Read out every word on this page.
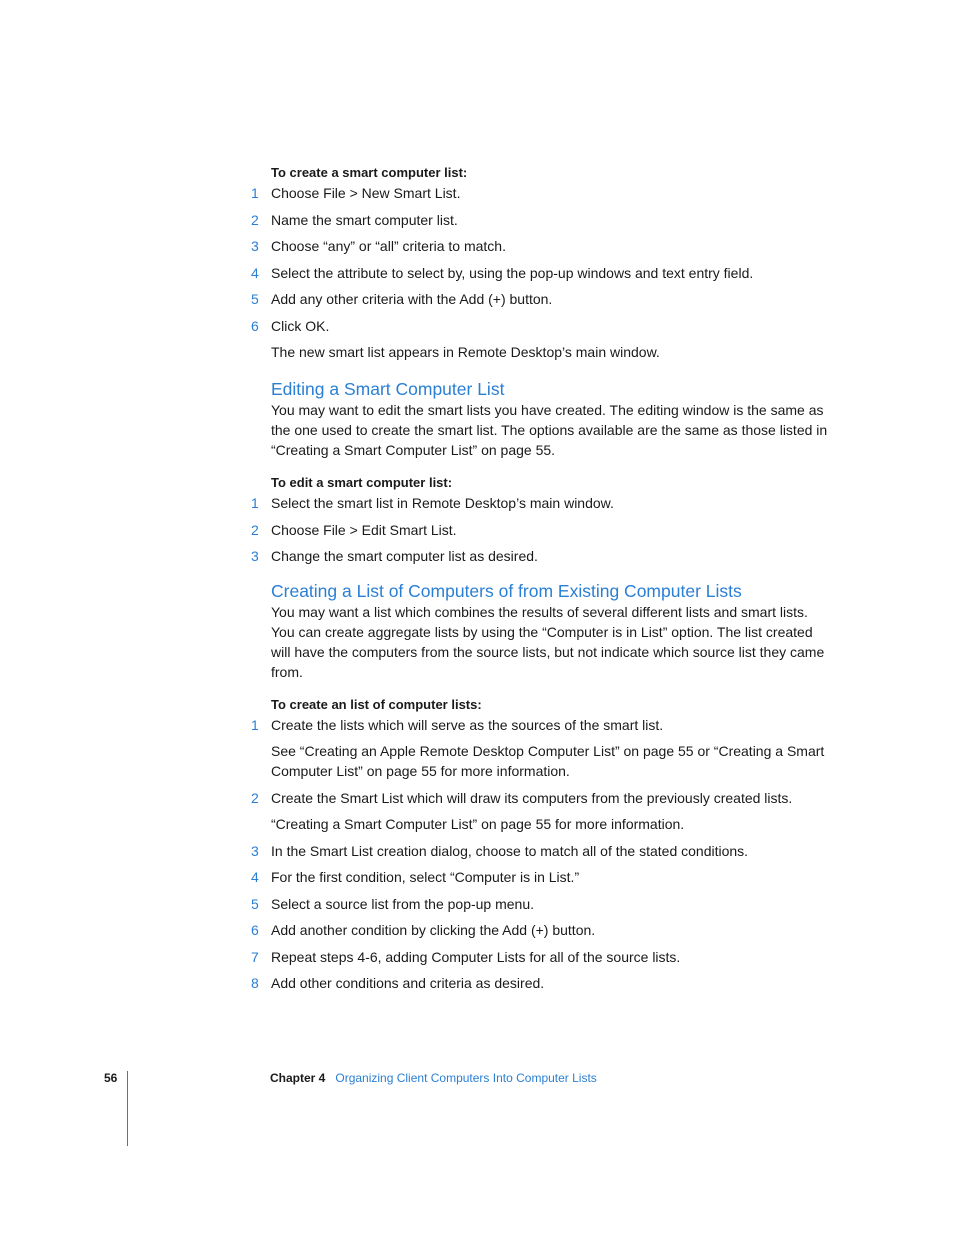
To create a smart computer list:

1 Choose File > New Smart List.
2 Name the smart computer list.
3 Choose “any” or “all” criteria to match.
4 Select the attribute to select by, using the pop-up windows and text entry field.
5 Add any other criteria with the Add (+) button.
6 Click OK.

The new smart list appears in Remote Desktop’s main window.

Editing a Smart Computer List

You may want to edit the smart lists you have created. The editing window is the same as the one used to create the smart list. The options available are the same as those listed in “Creating a Smart Computer List” on page 55.

To edit a smart computer list:

1 Select the smart list in Remote Desktop’s main window.
2 Choose File > Edit Smart List.
3 Change the smart computer list as desired.
Creating a List of Computers of from Existing Computer Lists

You may want a list which combines the results of several different lists and smart lists. You can create aggregate lists by using the “Computer is in List” option. The list created will have the computers from the source lists, but not indicate which source list they came from.

To create an list of computer lists:

1 Create the lists which will serve as the sources of the smart list.
See “Creating an Apple Remote Desktop Computer List” on page 55 or “Creating a Smart Computer List” on page 55 for more information.
2 Create the Smart List which will draw its computers from the previously created lists.
“Creating a Smart Computer List” on page 55 for more information.
3 In the Smart List creation dialog, choose to match all of the stated conditions.
4 For the first condition, select “Computer is in List.”
5 Select a source list from the pop-up menu.
6 Add another condition by clicking the Add (+) button.
7 Repeat steps 4-6, adding Computer Lists for all of the source lists.
8 Add other conditions and criteria as desired.
56	Chapter 4 Organizing Client Computers Into Computer Lists
